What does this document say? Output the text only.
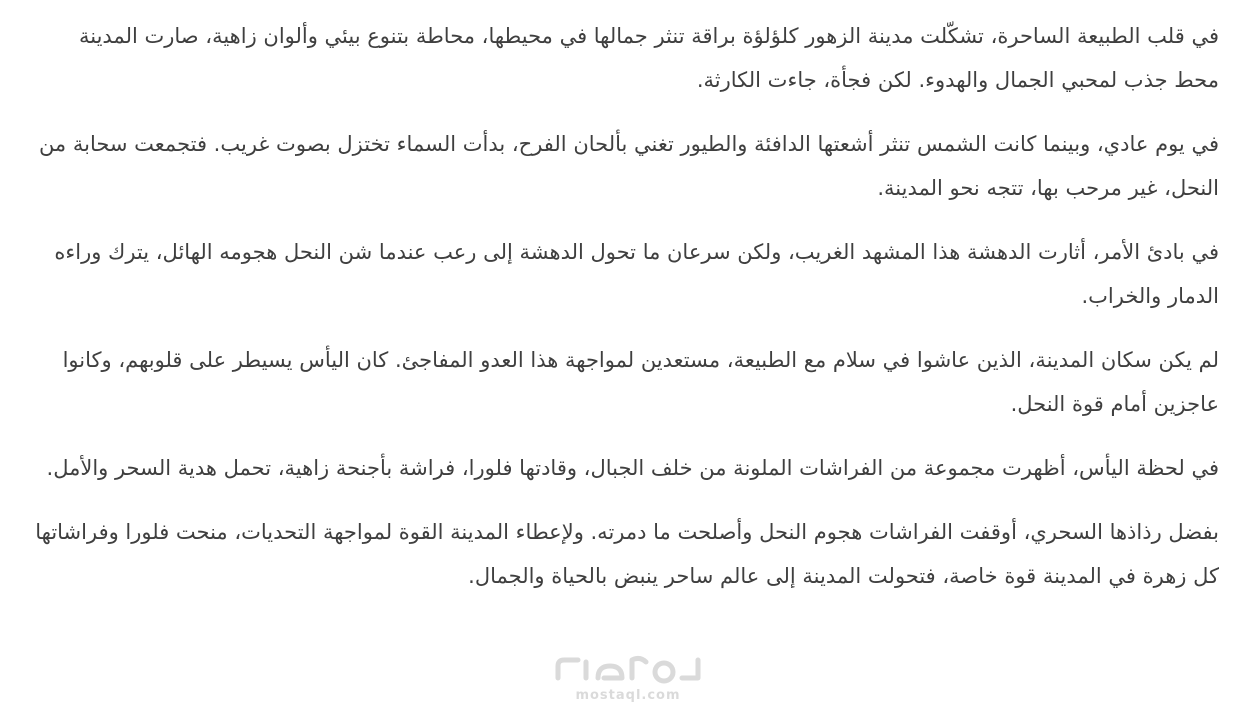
في قلب الطبيعة الساحرة، تشكّلت مدينة الزهور كلؤلؤة براقة تنثر جمالها في محيطها، محاطة بتنوع بيئي وألوان زاهية، صارت المدينة محط جذب لمحبي الجمال والهدوء. لكن فجأة، جاءت الكارثة.

في يوم عادي، وبينما كانت الشمس تنثر أشعتها الدافئة والطيور تغني بألحان الفرح، بدأت السماء تختزل بصوت غريب. فتجمعت سحابة من النحل، غير مرحب بها، تتجه نحو المدينة.

في بادئ الأمر، أثارت الدهشة هذا المشهد الغريب، ولكن سرعان ما تحول الدهشة إلى رعب عندما شن النحل هجومه الهائل، يترك وراءه الدمار والخراب.

لم يكن سكان المدينة، الذين عاشوا في سلام مع الطبيعة، مستعدين لمواجهة هذا العدو المفاجئ. كان اليأس يسيطر على قلوبهم، وكانوا عاجزين أمام قوة النحل.

في لحظة اليأس، أظهرت مجموعة من الفراشات الملونة من خلف الجبال، وقادتها فلورا، فراشة بأجنحة زاهية، تحمل هدية السحر والأمل.

بفضل رذاذها السحري، أوقفت الفراشات هجوم النحل وأصلحت ما دمرته. ولإعطاء المدينة القوة لمواجهة التحديات، منحت فلورا وفراشاتها كل زهرة في المدينة قوة خاصة، فتحولت المدينة إلى عالم ساحر ينبض بالحياة والجمال.

mostaql.com
